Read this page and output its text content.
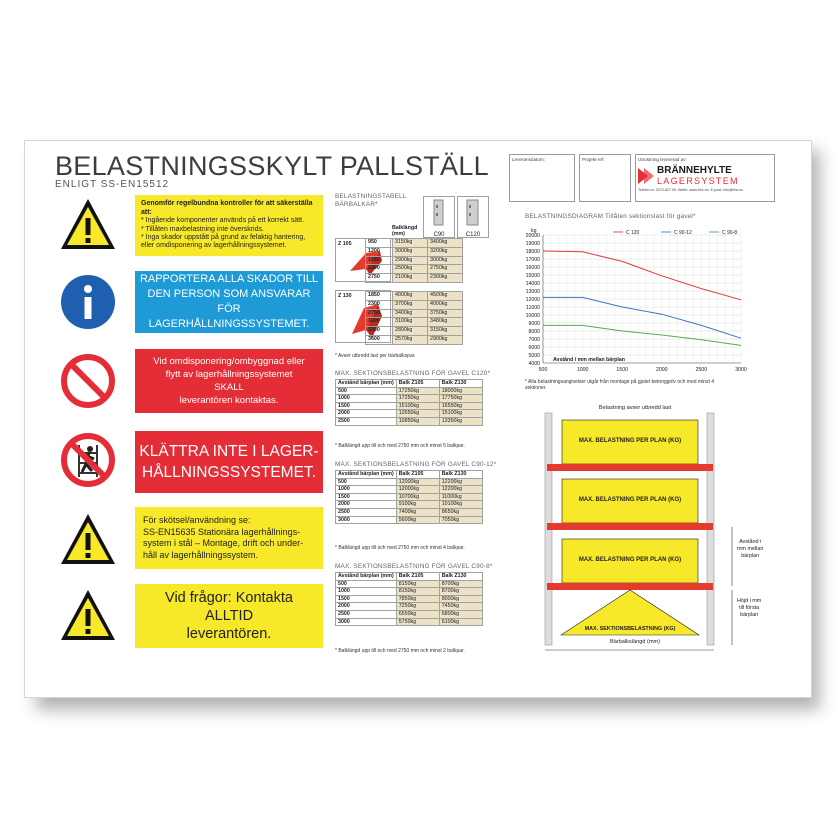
BELASTNINGSSKYLT PALLSTÄLL
ENLIGT SS-EN15512
Genomför regelbundna kontroller för att säkerställa att:
* Ingående komponenter används på ett korrekt sätt.
* Tillåten maxbelastning inte överskrids.
* Inga skador uppstått på grund av felaktig hantering, eller omdisponering av lagerhållningssystemet.
RAPPORTERA ALLA SKADOR TILL
DEN PERSON SOM ANSVARAR FÖR
LAGERHÅLLNINGSSYSTEMET.
Vid omdisponering/ombyggnad eller
flytt av lagerhållningssystemet
SKALL
leverantören kontaktas.
KLÄTTRA INTE I LAGER-
HÅLLNINGSSYSTEMET.
För skötsel/användning se:
SS-EN15635 Stationära lagerhållnings-
system i stål – Montage, drift och under-
håll av lagerhållningssystem.
Vid frågor: Kontakta
ALLTID
leverantören.
Leveransdatum:	Projekt-ref:	Utrustning levererad av:
BRÄNNEHYLTE
LAGERSYSTEM
Telefon nr: 0370-827 00. Webb: www.bhc.nu. E-post: info@bhc.nu
BELASTNINGSTABELL
BÄRBALKAR*
Balklängd (mm)	C90	C120
Z 105
Z 130
950	3150kg	3400kg
1200	3000kg	3200kg
1850	2900kg	3000kg
2300	2500kg	2750kg
2750	2100kg	2300kg

1850	4000kg	4500kg
2300	3700kg	4000kg
2750	3400kg	3750kg
3000	3100kg	3480kg
3300	2800kg	3150kg
3600	2570kg	2900kg
* Avser utbredd last per bärbalkspar.
MAX. SEKTIONSBELASTNING FÖR GAVEL C120*
Avstånd bärplan (mm)	Balk Z105	Balk Z130
500	17250kg	18000kg
1000	17250kg	17750kg
1500	15100kg	16550kg
2000	12650kg	15100kg
2500	10850kg	13350kg
* Balklängd upp till och med 2750 mm och minst 5 balkpar.
MAX. SEKTIONSBELASTNING FÖR GAVEL C90-12*
Avstånd bärplan (mm)	Balk Z105	Balk Z130
500	12000kg	12200kg
1000	12000kg	12200kg
1500	10700kg	11000kg
2000	9100kg	10100kg
2500	7400kg	8650kg
3000	5600kg	7050kg
* Balklängd upp till och med 2750 mm och minst 4 balkpar.
MAX. SEKTIONSBELASTNING FÖR GAVEL C90-8*
Avstånd bärplan (mm)	Balk Z105	Balk Z130
500	8150kg	8700kg
1000	8150kg	8700kg
1500	7850kg	8000kg
2000	7250kg	7450kg
2500	6550kg	6800kg
3000	5750kg	6100kg
* Balklängd upp till och med 2750 mm och minst 2 balkpar.
BELASTNINGSDIAGRAM Tillåten sektionslast för gavel*
4000
5000
6000
7000
8000
9000
10000
11000
12000
13000
14000
15000
16000
17000
18000
19000
20000
500	1000	1500	2000	2500	3000
kg
Avstånd i mm mellan bärplan
C 120	C 90-12	C 90-8
* Alla belastningsangivelser utgår från montage på gjutet betonggolv och med minst 4 sektioner.
Belastning avser utbredd last
MAX. BELASTNING PER PLAN (KG)
MAX. BELASTNING PER PLAN (KG)
MAX. BELASTNING PER PLAN (KG)
MAX. SEKTIONSBELASTNING (KG)
Bärbalkslängd (mm)
Avstånd i
mm mellan
bärplan
Höjd i mm
till första
bärplan
